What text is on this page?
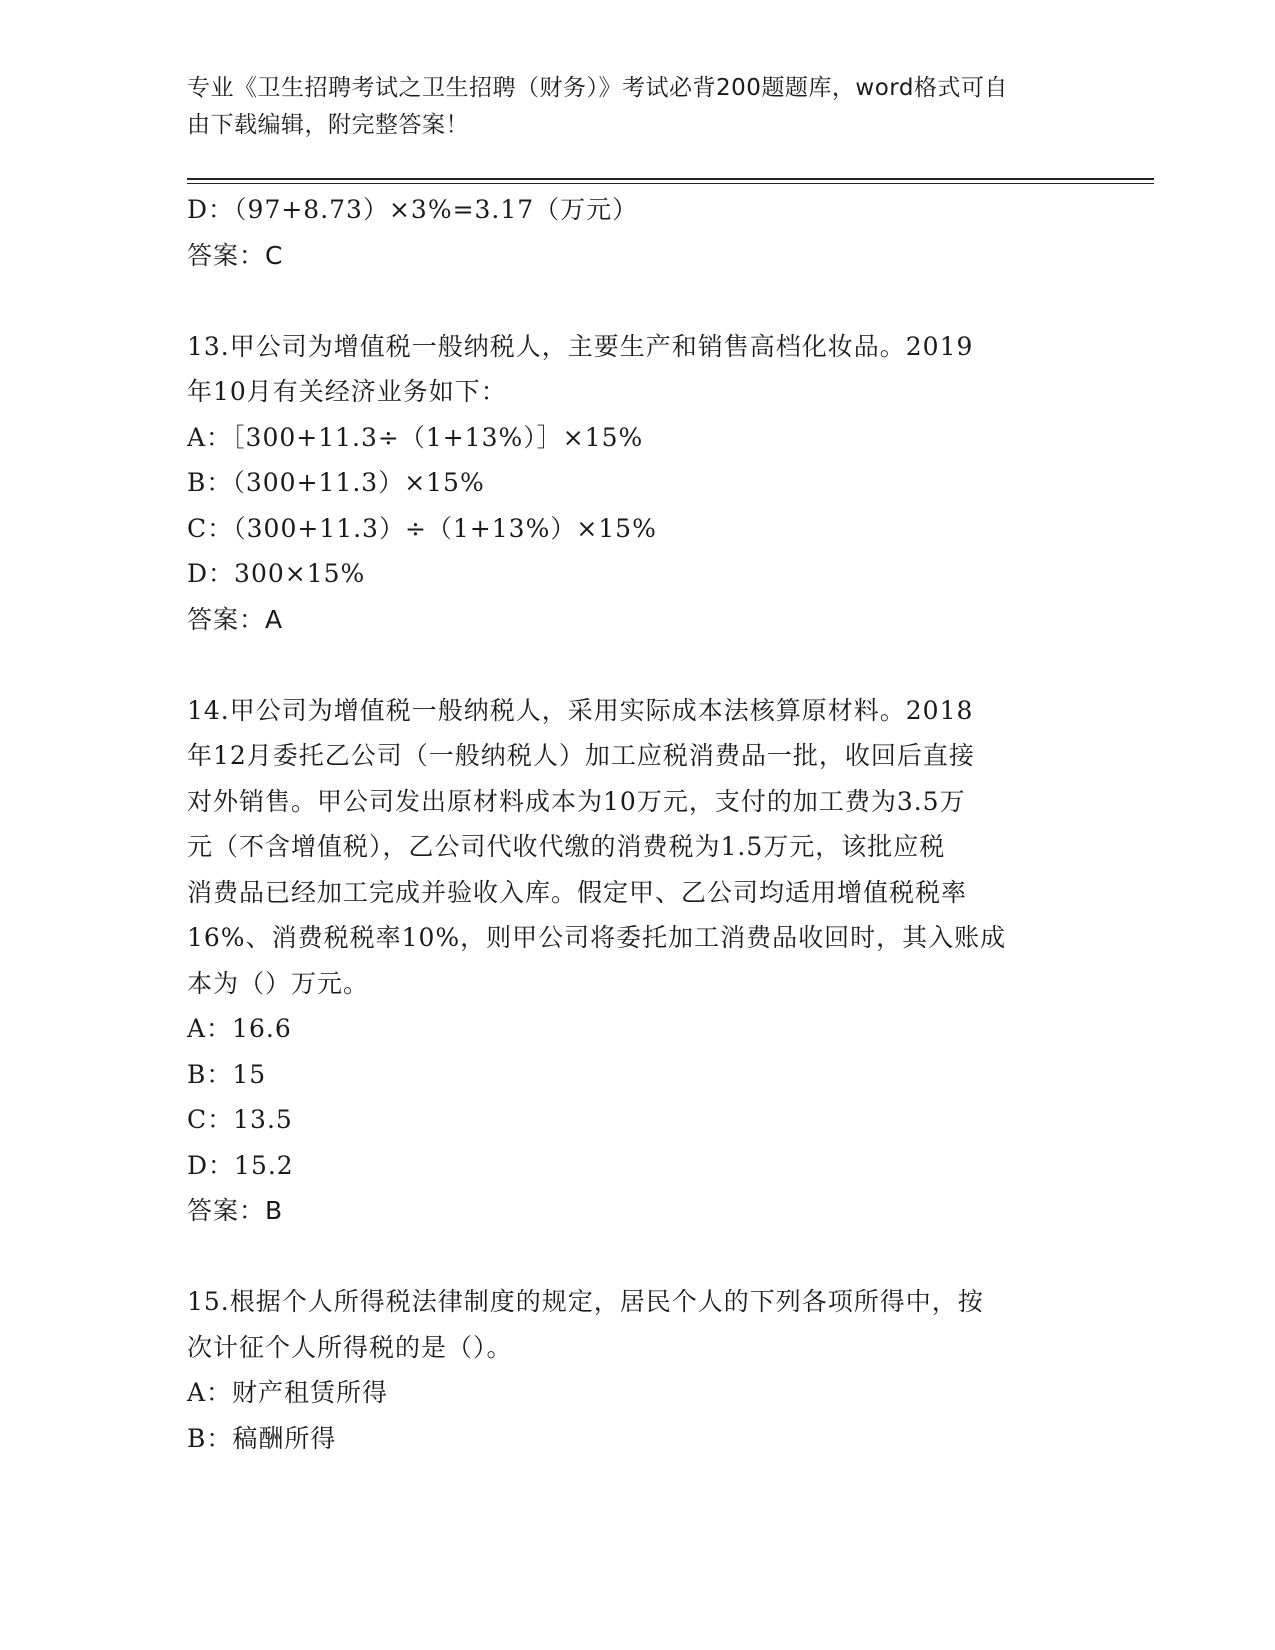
专业《卫生招聘考试之卫生招聘（财务）》考试必背200题题库，word格式可自

由下载编辑，附完整答案！

D：（97+8.73）×3%=3.17（万元）

答案：C

13.甲公司为增值税一般纳税人，主要生产和销售高档化妆品。2019

年10月有关经济业务如下：

A：［300+11.3÷（1+13%）］×15%

B：（300+11.3）×15%

C：（300+11.3）÷（1+13%）×15%

D：300×15%

答案：A

14.甲公司为增值税一般纳税人，采用实际成本法核算原材料。2018

年12月委托乙公司（一般纳税人）加工应税消费品一批，收回后直接

对外销售。甲公司发出原材料成本为10万元，支付的加工费为3.5万

元（不含增值税），乙公司代收代缴的消费税为1.5万元，该批应税

消费品已经加工完成并验收入库。假定甲、乙公司均适用增值税税率

16%、消费税税率10%，则甲公司将委托加工消费品收回时，其入账成

本为（）万元。

A：16.6

B：15

C：13.5

D：15.2

答案：B

15.根据个人所得税法律制度的规定，居民个人的下列各项所得中，按

次计征个人所得税的是（）。

A：财产租赁所得

B：稿酬所得
